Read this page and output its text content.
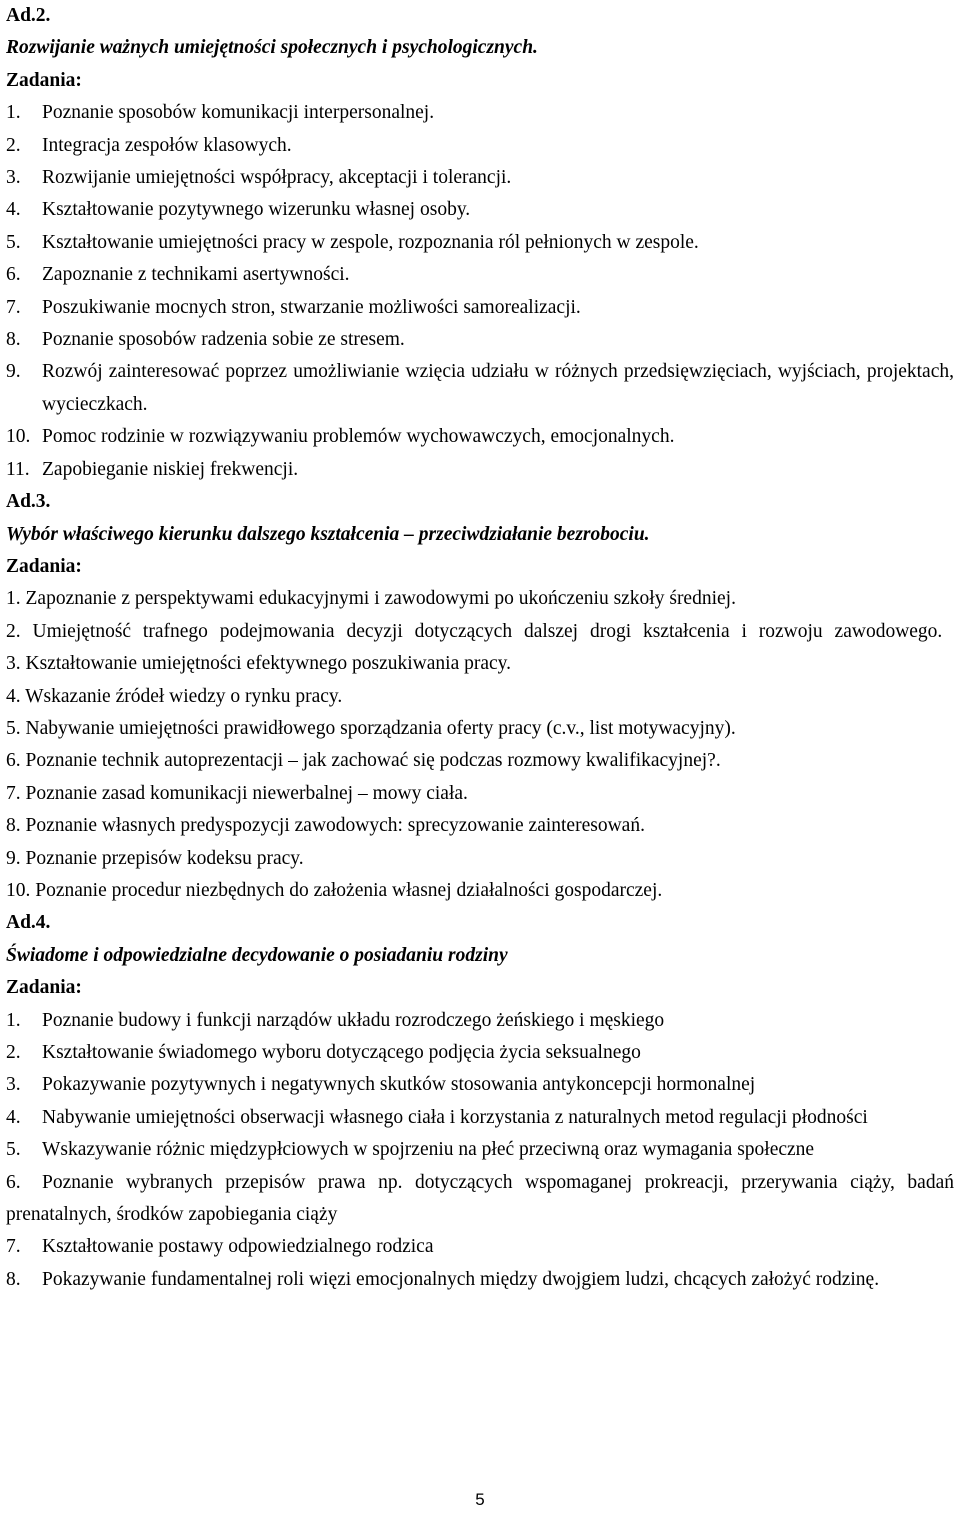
Ad.2.
Rozwijanie ważnych umiejętności społecznych i psychologicznych.
Zadania:
1.	Poznanie sposobów komunikacji interpersonalnej.
2.	Integracja zespołów klasowych.
3.	Rozwijanie umiejętności współpracy, akceptacji i tolerancji.
4.	Kształtowanie pozytywnego wizerunku własnej osoby.
5.	Kształtowanie umiejętności pracy w zespole, rozpoznania ról pełnionych w zespole.
6.	Zapoznanie z technikami asertywności.
7.	Poszukiwanie mocnych stron, stwarzanie możliwości samorealizacji.
8.	Poznanie sposobów radzenia sobie ze stresem.
9.	Rozwój zainteresować poprzez umożliwianie wzięcia udziału w różnych przedsięwzięciach, wyjściach, projektach, wycieczkach.
10. Pomoc rodzinie w rozwiązywaniu problemów wychowawczych, emocjonalnych.
11. Zapobieganie niskiej frekwencji.
Ad.3.
Wybór właściwego kierunku dalszego kształcenia – przeciwdziałanie bezrobociu.
Zadania:
1. Zapoznanie z perspektywami edukacyjnymi i zawodowymi po ukończeniu szkoły średniej.
2. Umiejętność trafnego podejmowania decyzji dotyczących dalszej drogi kształcenia i rozwoju zawodowego.
3. Kształtowanie umiejętności efektywnego poszukiwania pracy.
4. Wskazanie źródeł wiedzy o rynku pracy.
5. Nabywanie umiejętności prawidłowego sporządzania oferty pracy (c.v., list motywacyjny).
6. Poznanie technik autoprezentacji – jak zachować się podczas rozmowy kwalifikacyjnej?.
7. Poznanie zasad komunikacji niewerbalnej – mowy ciała.
8. Poznanie własnych predyspozycji zawodowych: sprecyzowanie zainteresowań.
9. Poznanie przepisów kodeksu pracy.
10. Poznanie procedur niezbędnych do założenia własnej działalności gospodarczej.
Ad.4.
Świadome i odpowiedzialne decydowanie o posiadaniu rodziny
Zadania:
1. Poznanie budowy i funkcji narządów układu rozrodczego żeńskiego i męskiego
2. Kształtowanie świadomego wyboru dotyczącego podjęcia życia seksualnego
3. Pokazywanie pozytywnych i negatywnych skutków stosowania antykoncepcji hormonalnej
4. Nabywanie umiejętności obserwacji własnego ciała i korzystania z naturalnych metod regulacji płodności
5. Wskazywanie różnic międzypłciowych w spojrzeniu na płeć przeciwną oraz wymagania społeczne
6. Poznanie wybranych przepisów prawa np. dotyczących wspomaganej prokreacji, przerywania ciąży, badań prenatalnych, środków zapobiegania ciąży
7. Kształtowanie postawy odpowiedzialnego rodzica
8. Pokazywanie fundamentalnej roli więzi emocjonalnych między dwojgiem ludzi, chcących założyć rodzinę.
5
